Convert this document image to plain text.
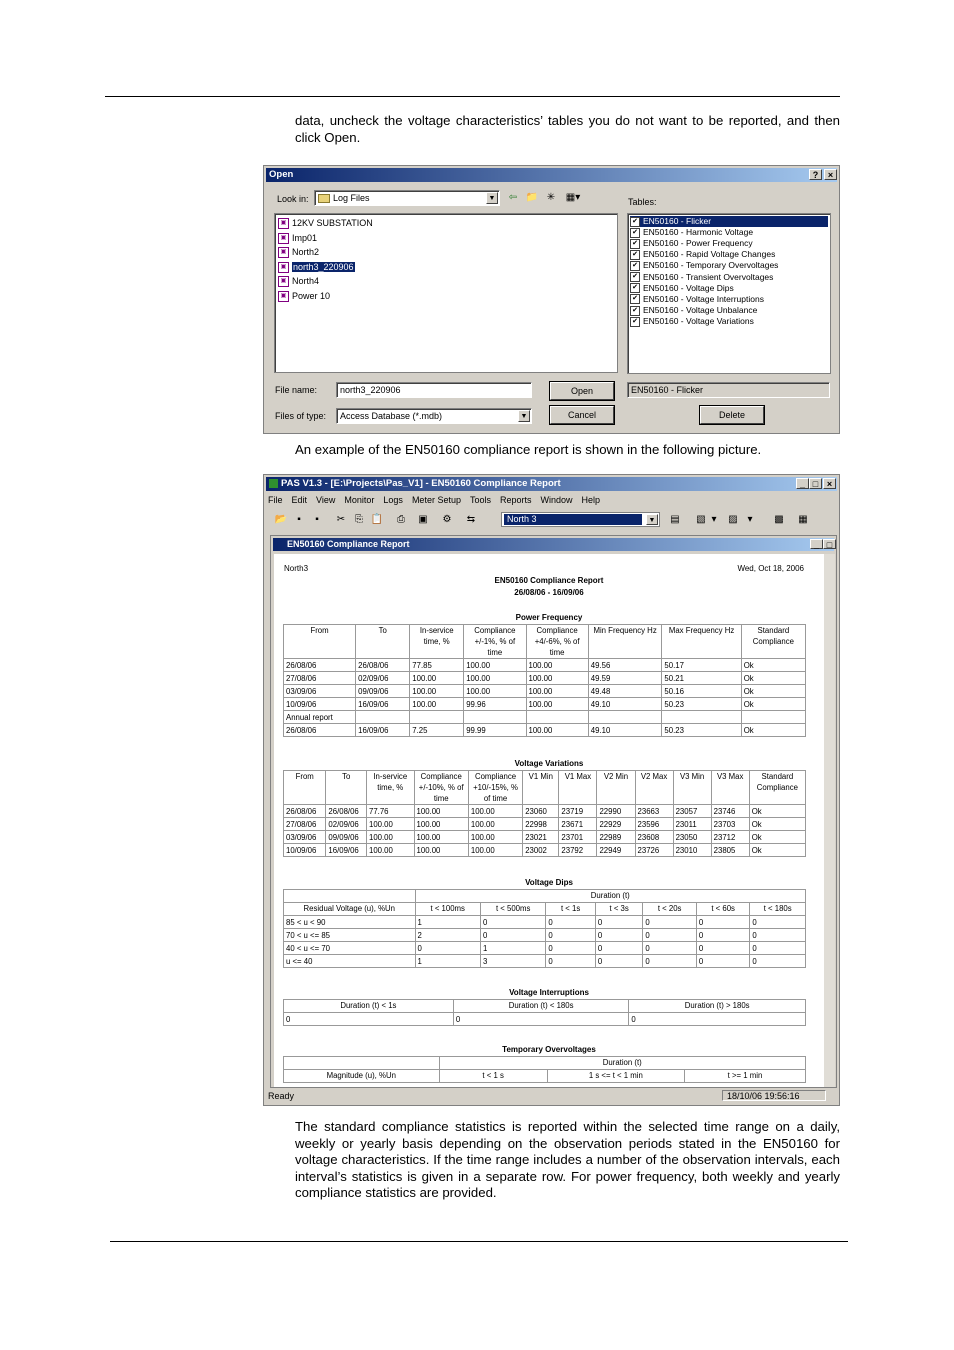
data, uncheck the voltage characteristics’ tables you do not want to be reported, and then click Open.
Open	?	×
Look in:	Log Files	▼ ⇦ 📁 ✳ ▦▾	Tables:
▣ 12KV SUBSTATION
▣ Imp01
▣ North2
▣ north3_220906
▣ North4
▣ Power 10
✔ EN50160 - Flicker
✔ EN50160 - Harmonic Voltage
✔ EN50160 - Power Frequency
✔ EN50160 - Rapid Voltage Changes
✔ EN50160 - Temporary Overvoltages
✔ EN50160 - Transient Overvoltages
✔ EN50160 - Voltage Dips
✔ EN50160 - Voltage Interruptions
✔ EN50160 - Voltage Unbalance
✔ EN50160 - Voltage Variations
File name:	north3_220906	Open	EN50160 - Flicker
Files of type:	Access Database (*.mdb)	▼	Cancel	Delete
An example of the EN50160 compliance report is shown in the following picture.
PAS V1.3 - [E:\Projects\Pas_V1] - EN50160 Compliance Report	_ □ ×
File Edit View Monitor Logs Meter Setup Tools Reports Window Help
📂	▪	▪	✂ ⎘ 📋	⎙	▣ ⚙ ⇆	North 3	▼ ▤ ▧ ▾ ▨ ▾ ▩ ▦
EN50160 Compliance Report	_ □
North3	Wed, Oct 18, 2006
EN50160 Compliance Report
26/08/06 - 16/09/06
Power Frequency
From	To	In-service time, %	Compliance +/-1%, % of time	Compliance +4/-6%, % of time	Min Frequency Hz	Max Frequency Hz	Standard Compliance
26/08/06	26/08/06	77.85	100.00	100.00	49.56	50.17	Ok
27/08/06	02/09/06	100.00	100.00	100.00	49.59	50.21	Ok
03/09/06	09/09/06	100.00	100.00	100.00	49.48	50.16	Ok
10/09/06	16/09/06	100.00	99.96	100.00	49.10	50.23	Ok
Annual report							
26/08/06	16/09/06	7.25	99.99	100.00	49.10	50.23	Ok
Voltage Variations
From	To	In-service time, %	Compliance +/-10%, % of time	Compliance +10/-15%, % of time	V1 Min	V1 Max	V2 Min	V2 Max	V3 Min	V3 Max	Standard Compliance
26/08/06	26/08/06	77.76	100.00	100.00	23060	23719	22990	23663	23057	23746	Ok
27/08/06	02/09/06	100.00	100.00	100.00	22998	23671	22929	23596	23011	23703	Ok
03/09/06	09/09/06	100.00	100.00	100.00	23021	23701	22989	23608	23050	23712	Ok
10/09/06	16/09/06	100.00	100.00	100.00	23002	23792	22949	23726	23010	23805	Ok
Voltage Dips
	Duration (t)						
Residual Voltage (u), %Un	t < 100ms	t < 500ms	t < 1s	t < 3s	t < 20s	t < 60s	t < 180s
85 < u < 90	1	0	0	0	0	0	0
70 < u <= 85	2	0	0	0	0	0	0
40 < u <= 70	0	1	0	0	0	0	0
u <= 40	1	3	0	0	0	0	0
Voltage Interruptions
Duration (t) < 1s	Duration (t) < 180s	Duration (t) > 180s
0	0	0
Temporary Overvoltages
	Duration (t)		
Magnitude (u), %Un	t < 1 s	1 s <= t < 1 min	t >= 1 min
Ready	18/10/06 19:56:16
The standard compliance statistics is reported within the selected time range on a daily, weekly or yearly basis depending on the observation periods stated in the EN50160 for voltage characteristics. If the time range includes a number of the observation intervals, each interval’s statistics is given in a separate row. For power frequency, both weekly and yearly compliance statistics are provided.
